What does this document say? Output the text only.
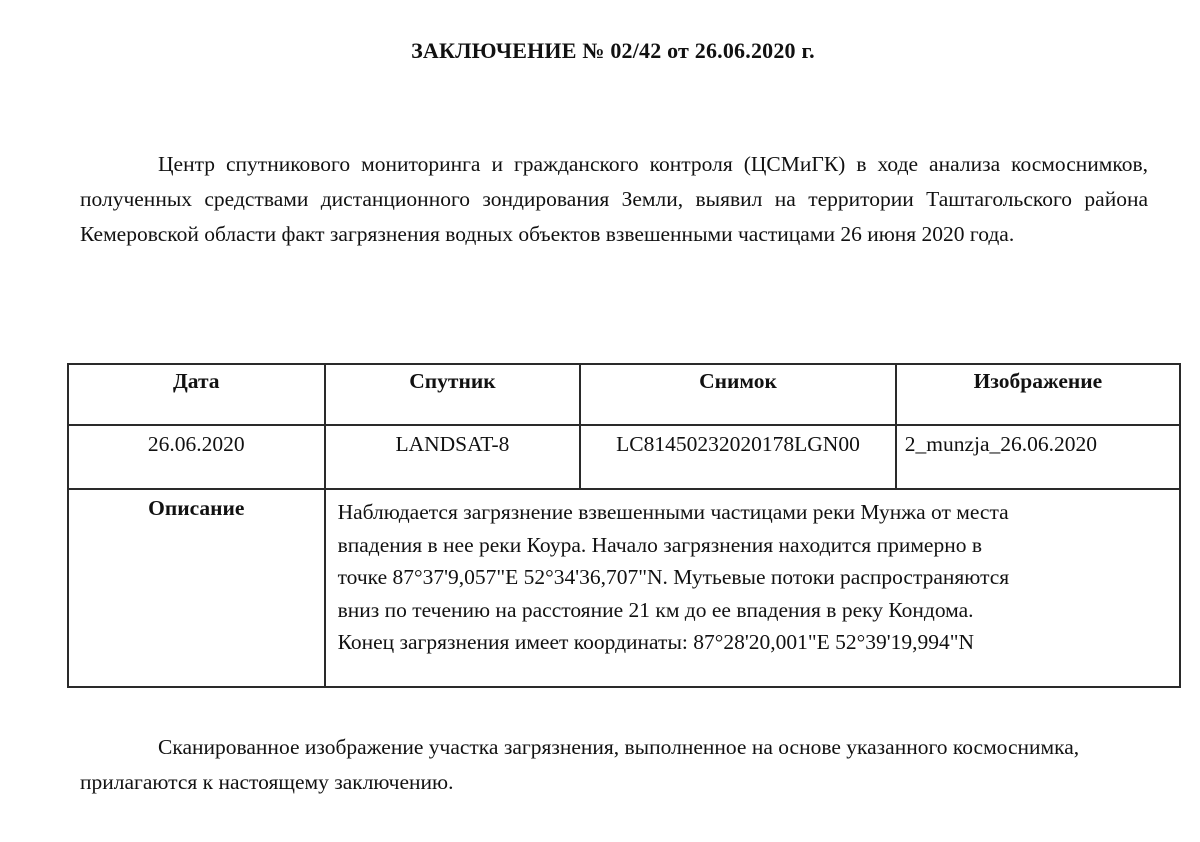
ЗАКЛЮЧЕНИЕ № 02/42 от 26.06.2020 г.
Центр спутникового мониторинга и гражданского контроля (ЦСМиГК) в ходе анализа космоснимков, полученных средствами дистанционного зондирования Земли, выявил на территории Таштагольского района Кемеровской области факт загрязнения водных объектов взвешенными частицами 26 июня 2020 года.
Дата	Спутник	Снимок	Изображение
26.06.2020	LANDSAT-8	LC81450232020178LGN00	2_munzja_26.06.2020
Описание	Наблюдается загрязнение взвешенными частицами реки Мунжа от места
впадения в нее реки Коура. Начало загрязнения находится примерно в
точке 87°37'9,057"E 52°34'36,707"N. Мутьевые потоки распространяются
вниз по течению на расстояние 21 км до ее впадения в реку Кондома.
Конец загрязнения имеет координаты: 87°28'20,001"E 52°39'19,994"N		
Сканированное изображение участка загрязнения, выполненное на основе указанного космоснимка, прилагаются к настоящему заключению.
